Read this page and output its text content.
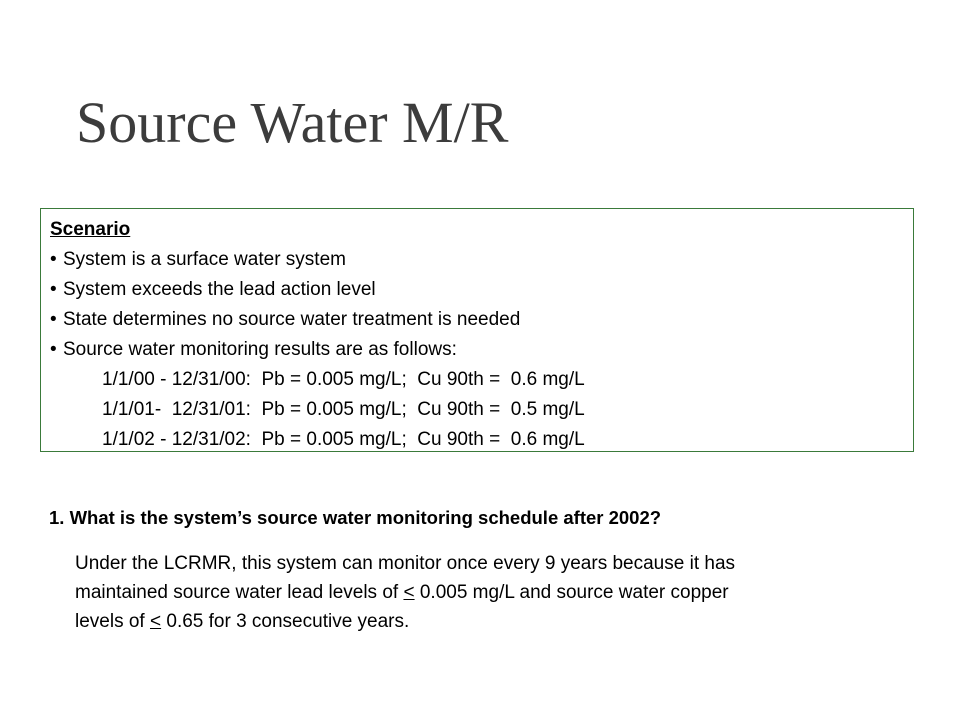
Source Water M/R
Scenario
• System is a surface water system
• System exceeds the lead action level
• State determines no source water treatment is needed
• Source water monitoring results are as follows:
1/1/00 - 12/31/00:  Pb = 0.005 mg/L;  Cu 90th =  0.6 mg/L
1/1/01-  12/31/01:  Pb = 0.005 mg/L;  Cu 90th =  0.5 mg/L
1/1/02 - 12/31/02:  Pb = 0.005 mg/L;  Cu 90th =  0.6 mg/L

1. What is the system’s source water monitoring schedule after 2002?

Under the LCRMR, this system can monitor once every 9 years because it has
maintained source water lead levels of ≤ 0.005 mg/L and source water copper
levels of ≤ 0.65 for 3 consecutive years.
